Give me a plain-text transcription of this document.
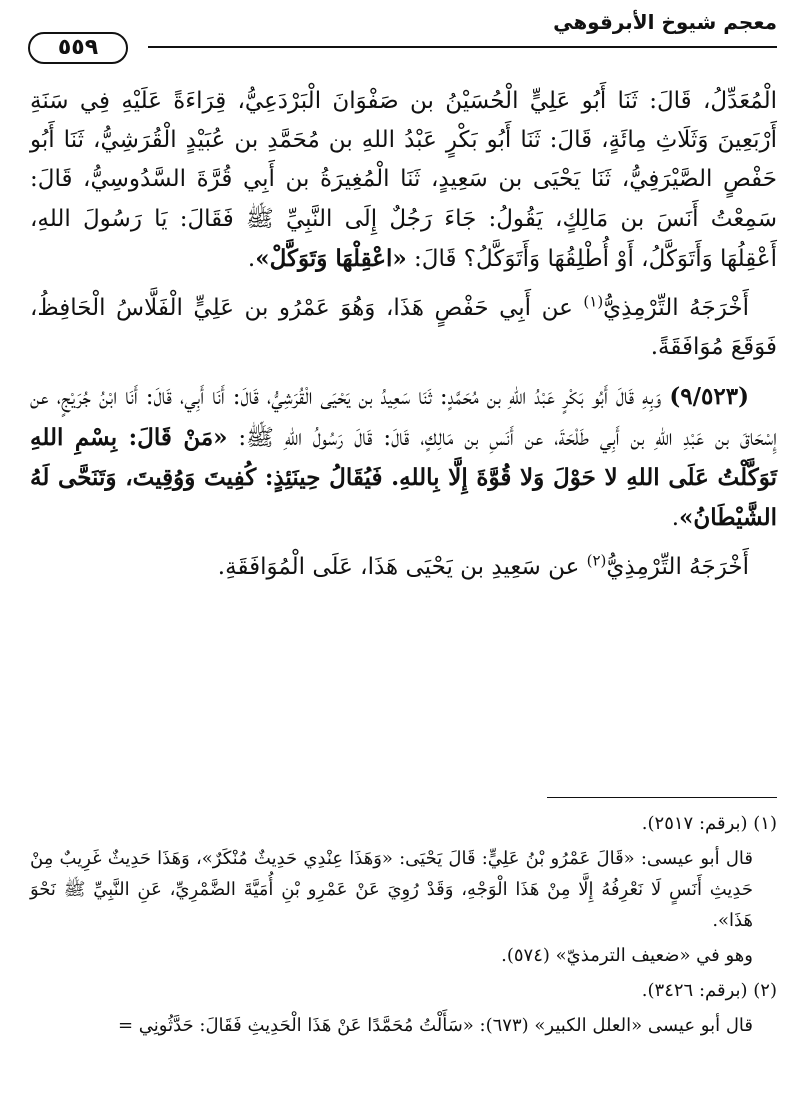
معجم شيوخ الأبرقوهي
٥٥٩

الْمُعَدِّلُ، قَالَ: ثَنَا أَبُو عَلِيٍّ الْحُسَيْنُ بن صَفْوَانَ الْبَرْدَعِيُّ، قِرَاءَةً عَلَيْهِ فِي سَنَةِ أَرْبَعِينَ وَثَلَاثِ مِائَةٍ، قَالَ: ثَنَا أَبُو بَكْرٍ عَبْدُ اللهِ بن مُحَمَّدِ بن عُبَيْدٍ الْقُرَشِيُّ، ثَنَا أَبُو حَفْصٍ الصَّيْرَفِيُّ، ثَنَا يَحْيَى بن سَعِيدٍ، ثَنَا الْمُغِيرَةُ بن أَبِي قُرَّةَ السَّدُوسِيُّ، قَالَ: سَمِعْتُ أَنَسَ بن مَالِكٍ، يَقُولُ: جَاءَ رَجُلٌ إِلَى النَّبِيِّ ﷺ فَقَالَ: يَا رَسُولَ اللهِ، أَعْقِلُهَا وَأَتَوَكَّلُ، أَوْ أُطْلِقُهَا وَأَتَوَكَّلُ؟ قَالَ: «اعْقِلْهَا وَتَوَكَّلْ».

أَخْرَجَهُ التِّرْمِذِيُّ$^{(١)}$ عن أَبِي حَفْصٍ هَذَا، وَهُوَ عَمْرُو بن عَلِيٍّ الْفَلَّاسُ الْحَافِظُ، فَوَقَعَ مُوَافَقَةً.

(٩/٥٢٣) وَبِهِ قَالَ أَبُو بَكْرٍ عَبْدُ اللهِ بن مُحَمَّدٍ: ثَنَا سَعِيدُ بن يَحْيَى الْقُرَشِيُّ، قَالَ: أَنَا أَبِي، قَالَ: أَنَا ابْنُ جُرَيْجٍ، عن إِسْحَاقَ بن عَبْدِ اللهِ بن أَبِي طَلْحَةَ، عن أَنَسِ بن مَالِكٍ، قَالَ: قَالَ رَسُولُ اللهِ ﷺ: «مَنْ قَالَ: بِسْمِ اللهِ تَوَكَّلْتُ عَلَى اللهِ لا حَوْلَ وَلا قُوَّةَ إِلَّا بِاللهِ. فَيُقَالُ حِينَئِذٍ: كُفِيتَ وَوُقِيتَ، وَتَنَحَّى لَهُ الشَّيْطَانُ».

أَخْرَجَهُ التِّرْمِذِيُّ$^{(٢)}$ عن سَعِيدِ بن يَحْيَى هَذَا، عَلَى الْمُوَافَقَةِ.

(١) (برقم: ٢٥١٧).

قال أبو عيسى: «قَالَ عَمْرُو بْنُ عَلِيٍّ: قَالَ يَحْيَى: «وَهَذَا عِنْدِي حَدِيثٌ مُنْكَرٌ»، وَهَذَا حَدِيثٌ غَرِيبٌ مِنْ حَدِيثِ أَنَسٍ لَا نَعْرِفُهُ إِلَّا مِنْ هَذَا الْوَجْهِ، وَقَدْ رُوِيَ عَنْ عَمْرِو بْنِ أُمَيَّةَ الضَّمْرِيِّ، عَنِ النَّبِيِّ ﷺ نَحْوَ هَذَا».

وهو في «ضعيف الترمذيّ» (٥٧٤).

(٢) (برقم: ٣٤٢٦).

قال أبو عيسى «العلل الكبير» (٦٧٣): «سَأَلْتُ مُحَمَّدًا عَنْ هَذَا الْحَدِيثِ فَقَالَ: حَدَّثُونِي =
